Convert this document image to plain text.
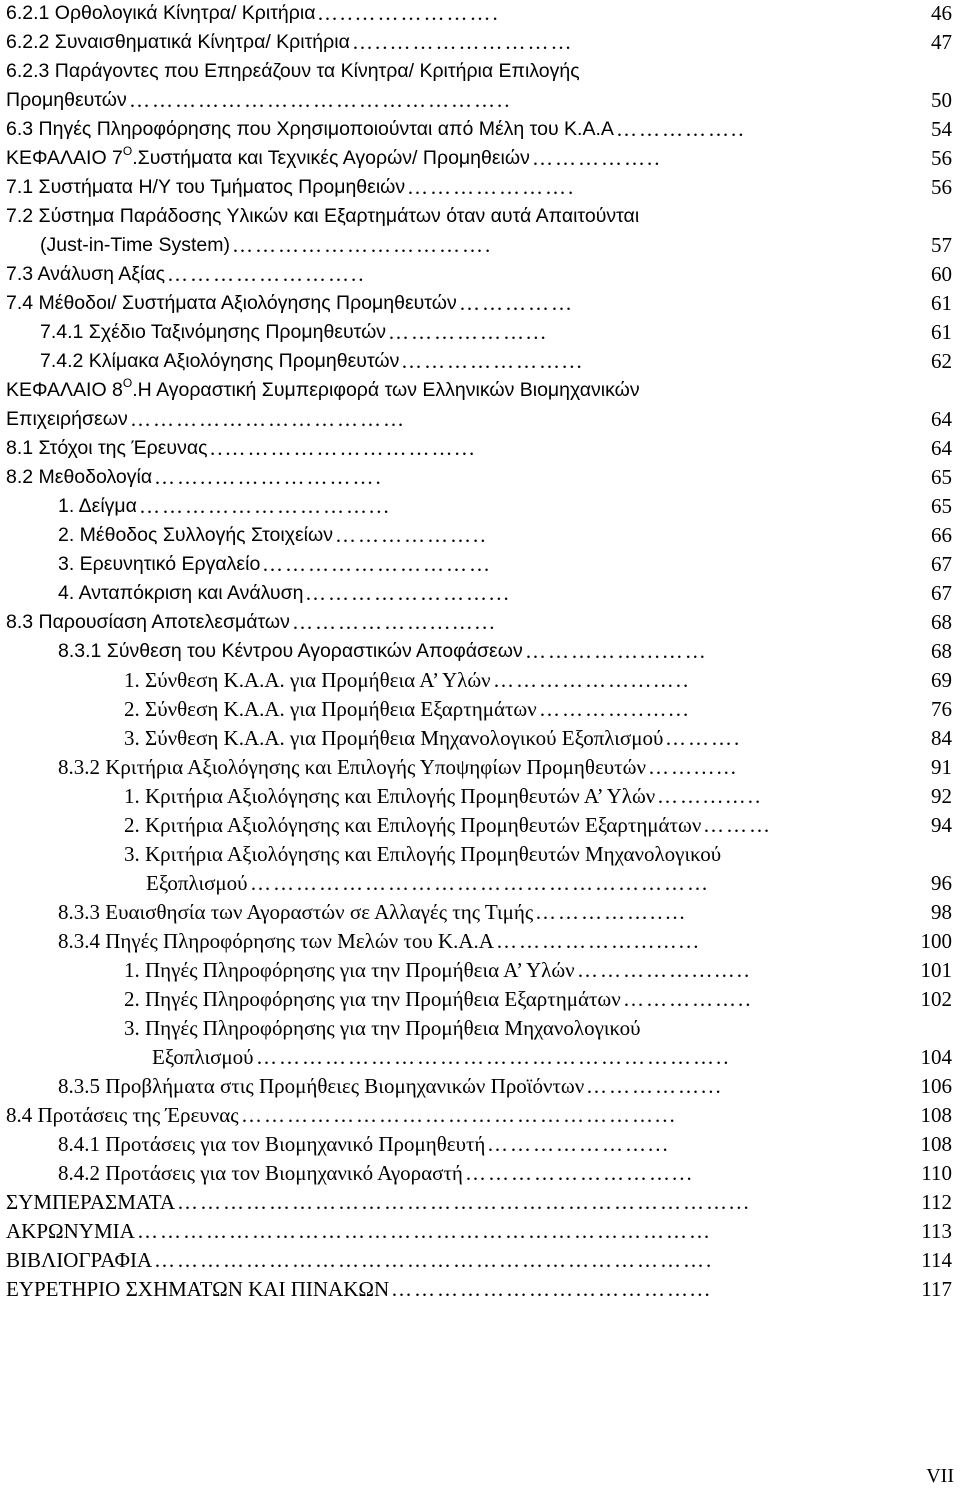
6.2.1 Ορθολογικά Κίνητρα/ Κριτήρια …..……………….	46
6.2.2 Συναισθηματικά Κίνητρα/ Κριτήρια …..……………………	47
6.2.3 Παράγοντες που Επηρεάζουν τα Κίνητρα/ Κριτήρια Επιλογής
Προμηθευτών …………………………………………..	50
6.3 Πηγές Πληροφόρησης που Χρησιμοποιούνται από Μέλη του Κ.Α.Α ……………..	54
ΚΕΦΑΛΑΙΟ $7^O.\Sigma\upsilon\sigma\tau ή\mu\alpha\tau\alpha$ και Τεχνικές Αγορών/ Προμηθειών ……………..	56
7.1 Συστήματα Η/Υ του Τμήματος Προμηθειών ………………….	56
7.2 Σύστημα Παράδοσης Υλικών και Εξαρτημάτων όταν αυτά Απαιτούνται
(Just-in-Time System) …………………………….	57
7.3 Ανάλυση Αξίας ……………………..	60
7.4 Μέθοδοι/ Συστήματα Αξιολόγησης Προμηθευτών ……………	61
7.4.1 Σχέδιο Ταξινόμησης Προμηθευτών ………………...	61
7.4.2 Κλίμακα Αξιολόγησης Προμηθευτών …………………...	62
ΚΕΦΑΛΑΙΟ $8^O.H$ Αγοραστική Συμπεριφορά των Ελληνικών Βιομηχανικών
Επιχειρήσεων ………………………………	64
8.1 Στόχοι της Έρευνας ..…………………………...	64
8.2 Μεθοδολογία ……..………………….	65
1. Δείγμα …………………………...	65
2. Μέθοδος Συλλογής Στοιχείων ………………..	66
3. Ερευνητικό Εργαλείο …………………………	67
4. Ανταπόκριση και Ανάλυση ……………………...	67
8.3 Παρουσίαση Αποτελεσμάτων ………………...…...	68
8.3.1 Σύνθεση του Κέντρου Αγοραστικών Αποφάσεων ……………...……	68
1. Σύνθεση Κ.Α.Α. για Προμήθεια Α’ Υλών ………………...…..	69
2. Σύνθεση Κ.Α.Α. για Προμήθεια Εξαρτημάτων …………..…...	76
3. Σύνθεση Κ.Α.Α. για Προμήθεια Μηχανολογικού Εξοπλισμού ……….	84
8.3.2 Κριτήρια Αξιολόγησης και Επιλογής Υποψηφίων Προμηθευτών ……...…	91
1. Κριτήρια Αξιολόγησης και Επιλογής Προμηθευτών Α’ Υλών ……...…..	92
2. Κριτήρια Αξιολόγησης και Επιλογής Προμηθευτών Εξαρτημάτων ………	94
3. Κριτήρια Αξιολόγησης και Επιλογής Προμηθευτών Μηχανολογικού
Εξοπλισμού ……………………………………………………	96
8.3.3 Ευαισθησία των Αγοραστών σε Αλλαγές της Τιμής ……………..…	98
8.3.4 Πηγές Πληροφόρησης των Μελών του Κ.Α.Α ………………...…...	100
1. Πηγές Πληροφόρησης για την Προμήθεια Α’ Υλών ……………...…..	101
2. Πηγές Πληροφόρησης για την Προμήθεια Εξαρτημάτων ……………..	102
3. Πηγές Πληροφόρησης για την Προμήθεια Μηχανολογικού
Εξοπλισμού ……………………………………………………..	104
8.3.5 Προβλήματα στις Προμήθειες Βιομηχανικών Προϊόντων ……………...	106
8.4 Προτάσεις της Έρευνας ………………………………………………...	108
8.4.1 Προτάσεις για τον Βιομηχανικό Προμηθευτή …………………...	108
8.4.2 Προτάσεις για τον Βιομηχανικό Αγοραστή ………………………...	110
ΣΥΜΠΕΡΑΣΜΑΤΑ ………………………………………………………………...	112
ΑΚΡΩΝΥΜΙΑ …………………………………………………………………	113
ΒΙΒΛΙΟΓΡΑΦΙΑ ……………………………………………………………….	114
ΕΥΡΕΤΗΡΙΟ ΣΧΗΜΑΤΩΝ ΚΑΙ ΠΙΝΑΚΩΝ …………………………………...	117
VII
